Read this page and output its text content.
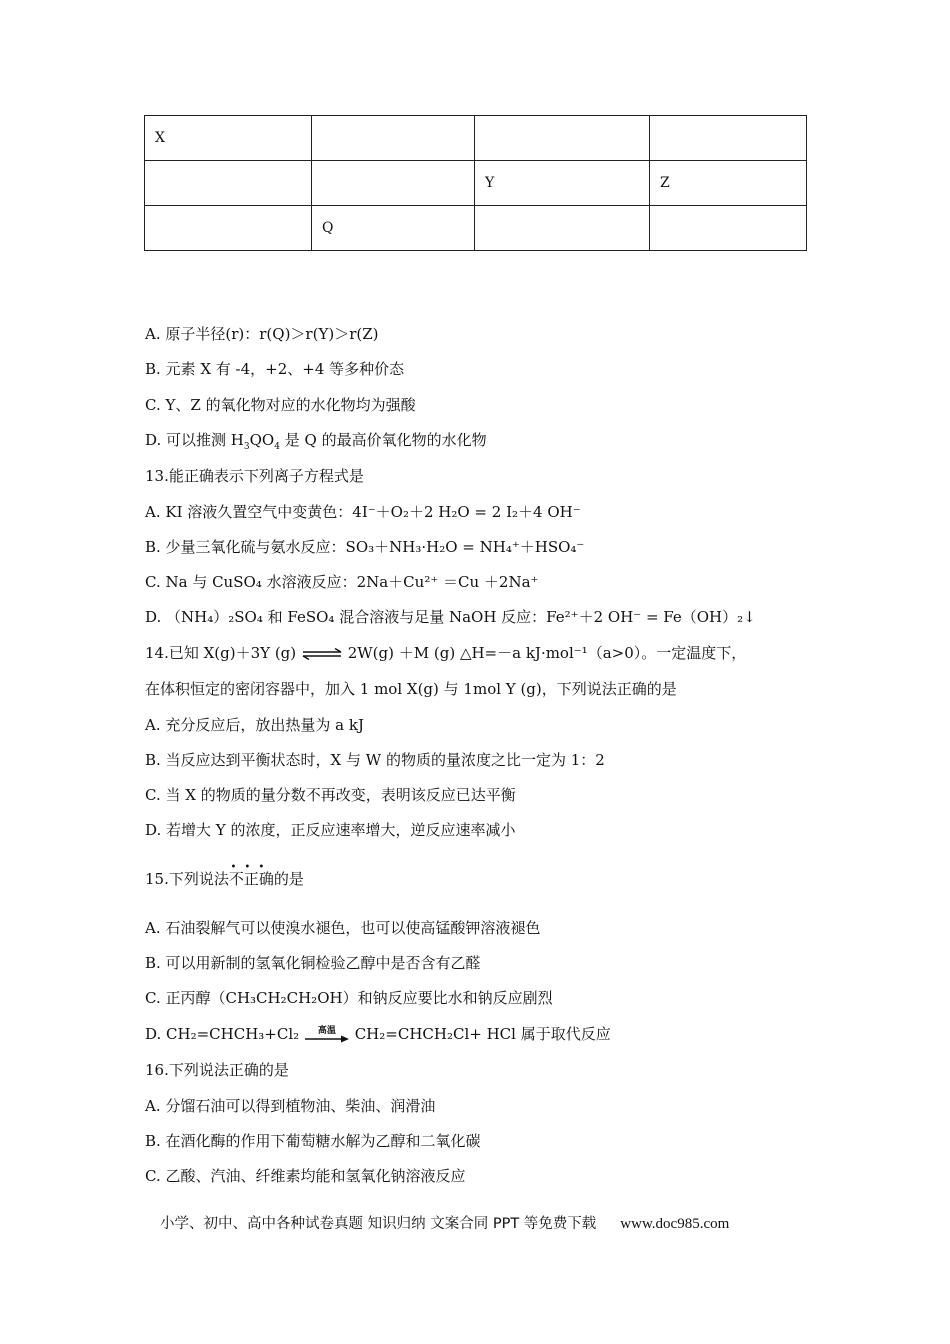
X			
		Y	Z
	Q		
A. 原子半径(r)：r(Q)＞r(Y)＞r(Z)
B. 元素 X 有 -4，+2、+4 等多种价态
C. Y、Z 的氧化物对应的水化物均为强酸
D. 可以推测 $H_3QO_4$ 是 Q 的最高价氧化物的水化物
13.能正确表示下列离子方程式是
A. KI 溶液久置空气中变黄色：4I⁻＋O₂＋2 H₂O = 2 I₂＋4 OH⁻
B. 少量三氧化硫与氨水反应：SO₃＋NH₃·H₂O = NH₄⁺＋HSO₄⁻
C. Na 与 CuSO₄ 水溶液反应：2Na＋Cu²⁺ ＝Cu ＋2Na⁺
D. （NH₄）₂SO₄ 和 FeSO₄ 混合溶液与足量 NaOH 反应：Fe²⁺＋2 OH⁻ = Fe（OH）₂↓
14.已知 X(g)＋3Y (g) ⇌ 2W(g) ＋M (g) △H=－a kJ·mol⁻¹（a>0）。一定温度下，
在体积恒定的密闭容器中，加入 1 mol X(g) 与 1mol Y (g)，下列说法正确的是
A. 充分反应后，放出热量为 a kJ
B. 当反应达到平衡状态时，X 与 W 的物质的量浓度之比一定为 1：2
C. 当 X 的物质的量分数不再改变，表明该反应已达平衡
D. 若增大 Y 的浓度，正反应速率增大，逆反应速率减小
15.下列说法
•••
不正确的是
A. 石油裂解气可以使溴水褪色，也可以使高锰酸钾溶液褪色
B. 可以用新制的氢氧化铜检验乙醇中是否含有乙醛
C. 正丙醇（CH₃CH₂CH₂OH）和钠反应要比水和钠反应剧烈
D. CH₂=CHCH₃+Cl₂	高温 CH₂=CHCH₂Cl+ HCl 属于取代反应
16.下列说法正确的是
A. 分馏石油可以得到植物油、柴油、润滑油
B. 在酒化酶的作用下葡萄糖水解为乙醇和二氧化碳
C. 乙酸、汽油、纤维素均能和氢氧化钠溶液反应
小学、初中、高中各种试卷真题 知识归纳 文案合同 PPT 等免费下载 www.doc985.com
